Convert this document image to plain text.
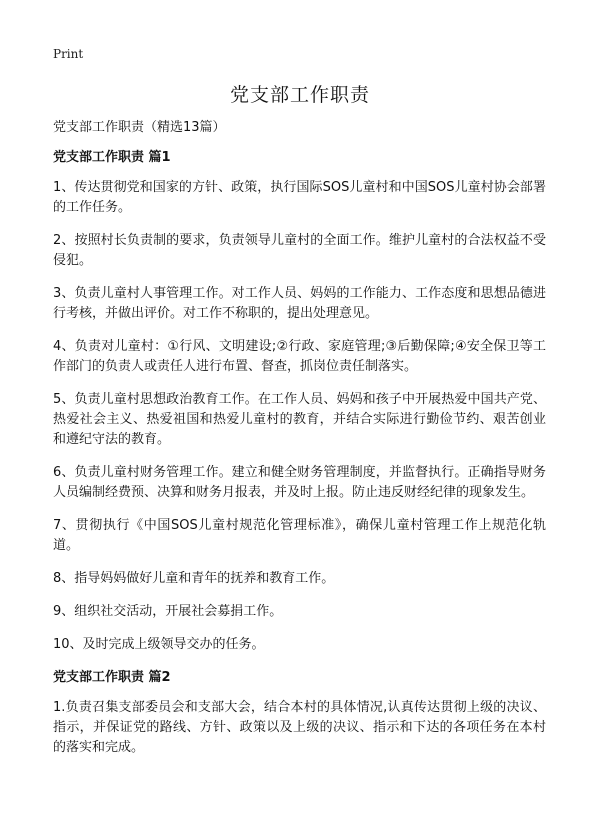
Print
党支部工作职责

党支部工作职责（精选13篇）

党支部工作职责 篇1

1、传达贯彻党和国家的方针、政策，执行国际SOS儿童村和中国SOS儿童村协会部署的工作任务。

2、按照村长负责制的要求，负责领导儿童村的全面工作。维护儿童村的合法权益不受侵犯。

3、负责儿童村人事管理工作。对工作人员、妈妈的工作能力、工作态度和思想品德进行考核，并做出评价。对工作不称职的，提出处理意见。

4、负责对儿童村：①行风、文明建设;②行政、家庭管理;③后勤保障;④安全保卫等工作部门的负责人或责任人进行布置、督查，抓岗位责任制落实。

5、负责儿童村思想政治教育工作。在工作人员、妈妈和孩子中开展热爱中国共产党、热爱社会主义、热爱祖国和热爱儿童村的教育，并结合实际进行勤俭节约、艰苦创业和遵纪守法的教育。

6、负责儿童村财务管理工作。建立和健全财务管理制度，并监督执行。正确指导财务人员编制经费预、决算和财务月报表，并及时上报。防止违反财经纪律的现象发生。

7、贯彻执行《中国SOS儿童村规范化管理标准》，确保儿童村管理工作上规范化轨道。

8、指导妈妈做好儿童和青年的抚养和教育工作。

9、组织社交活动，开展社会募捐工作。

10、及时完成上级领导交办的任务。

党支部工作职责 篇2

1.负责召集支部委员会和支部大会，结合本村的具体情况,认真传达贯彻上级的决议、指示，并保证党的路线、方针、政策以及上级的决议、指示和下达的各项任务在本村的落实和完成。
